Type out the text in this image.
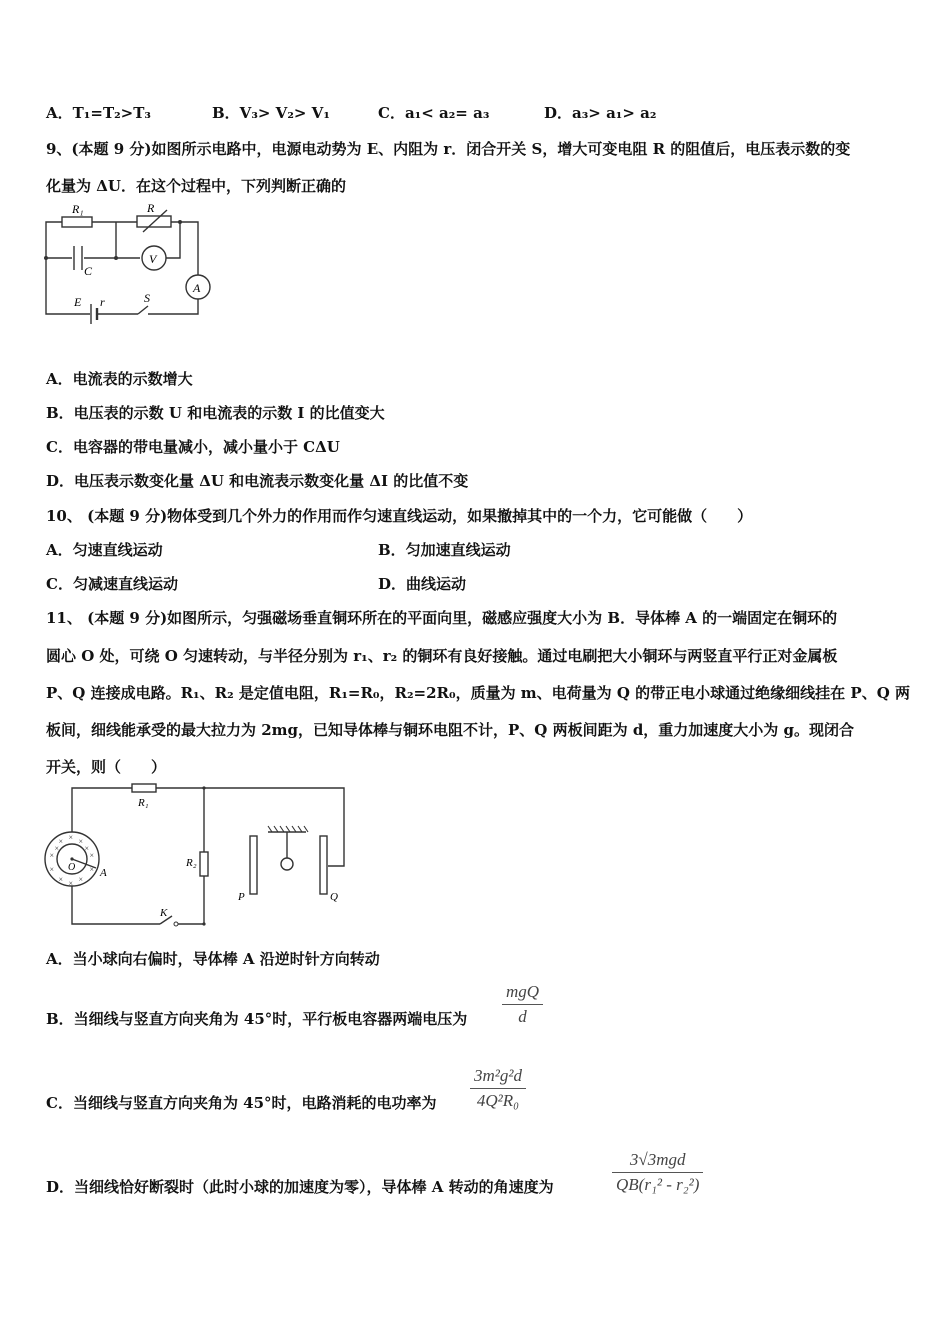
A．T₁=T₂>T₃	B．V₃> V₂> V₁	C．a₁< a₂= a₃	D．a₃> a₁> a₂
9、(本题 9 分)如图所示电路中，电源电动势为 E、内阻为 r．闭合开关 S，增大可变电阻 R 的阻值后，电压表示数的变
化量为 ΔU．在这个过程中，下列判断正确的
R₁	R
C
V
A
E r	S
A．电流表的示数增大
B．电压表的示数 U 和电流表的示数 I 的比值变大
C．电容器的带电量减小，减小量小于 CΔU
D．电压表示数变化量 ΔU 和电流表示数变化量 ΔI 的比值不变
10、 (本题 9 分)物体受到几个外力的作用而作匀速直线运动，如果撤掉其中的一个力，它可能做（　　）
A．匀速直线运动	B．匀加速直线运动
C．匀减速直线运动	D．曲线运动
11、 (本题 9 分)如图所示，匀强磁场垂直铜环所在的平面向里，磁感应强度大小为 B．导体棒 A 的一端固定在铜环的
圆心 O 处，可绕 O 匀速转动，与半径分别为 r₁、r₂ 的铜环有良好接触。通过电刷把大小铜环与两竖直平行正对金属板
P、Q 连接成电路。R₁、R₂ 是定值电阻，R₁=R₀，R₂=2R₀，质量为 m、电荷量为 Q 的带正电小球通过绝缘细线挂在 P、Q 两
板间，细线能承受的最大拉力为 2mg，已知导体棒与铜环电阻不计，P、Q 两板间距为 d，重力加速度大小为 g。现闭合
开关，则（　　）
× × ×
×	×
×	×
× × ×
×	×
R₁
R₂
O A
K
P	Q
A．当小球向右偏时，导体棒 A 沿逆时针方向转动
B．当细线与竖直方向夹角为 45°时，平行板电容器两端电压为
mgQ
d
C．当细线与竖直方向夹角为 45°时，电路消耗的电功率为
3m²g²d
4Q²R₀
D．当细线恰好断裂时（此时小球的加速度为零），导体棒 A 转动的角速度为
3√3mgd
QB(r₁² - r₂²)
